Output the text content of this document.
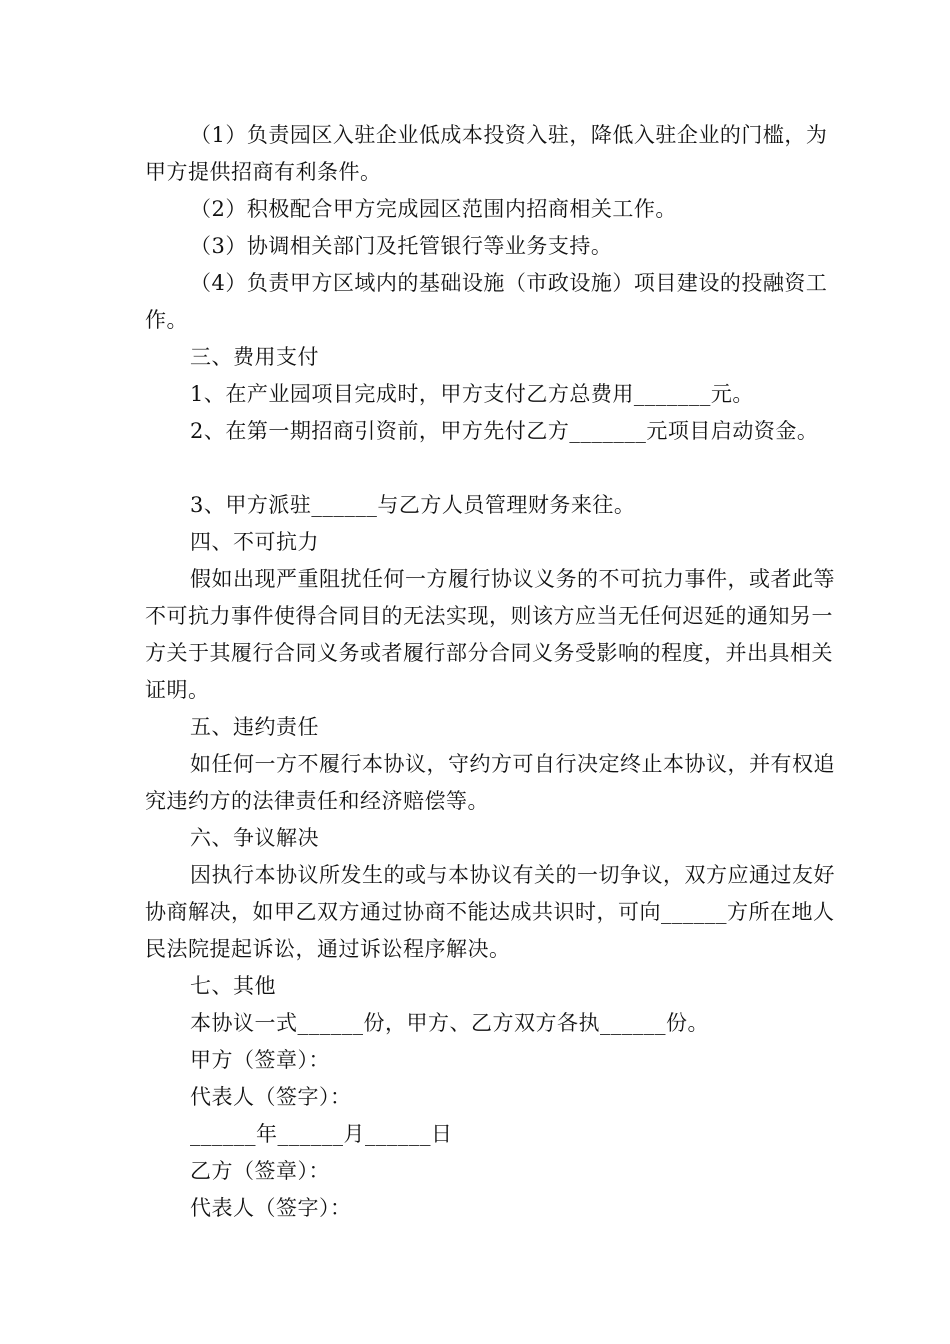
（1）负责园区入驻企业低成本投资入驻，降低入驻企业的门槛，为甲方提供招商有利条件。

（2）积极配合甲方完成园区范围内招商相关工作。

（3）协调相关部门及托管银行等业务支持。

（4）负责甲方区域内的基础设施（市政设施）项目建设的投融资工作。

三、费用支付

1、在产业园项目完成时，甲方支付乙方总费用_______元。

2、在第一期招商引资前，甲方先付乙方_______元项目启动资金。

3、甲方派驻______与乙方人员管理财务来往。

四、不可抗力

假如出现严重阻扰任何一方履行协议义务的不可抗力事件，或者此等不可抗力事件使得合同目的无法实现，则该方应当无任何迟延的通知另一方关于其履行合同义务或者履行部分合同义务受影响的程度，并出具相关证明。

五、违约责任

如任何一方不履行本协议，守约方可自行决定终止本协议，并有权追究违约方的法律责任和经济赔偿等。

六、争议解决

因执行本协议所发生的或与本协议有关的一切争议，双方应通过友好协商解决，如甲乙双方通过协商不能达成共识时，可向______方所在地人民法院提起诉讼，通过诉讼程序解决。

七、其他

本协议一式______份，甲方、乙方双方各执______份。

甲方（签章）：

代表人（签字）：

______年______月______日

乙方（签章）：

代表人（签字）：
